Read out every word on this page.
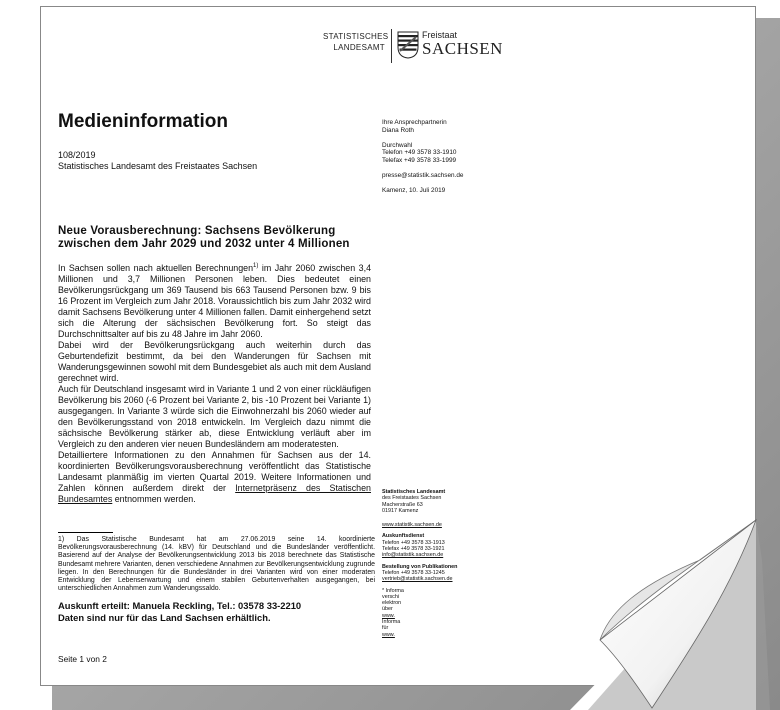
STATISTISCHES
LANDESAMT
Freistaat
SACHSEN
Medieninformation
108/2019
Statistisches Landesamt des Freistaates Sachsen
Ihre Ansprechpartnerin
Diana Roth
Durchwahl
Telefon +49 3578 33-1910
Telefax +49 3578 33-1999
presse@statistik.sachsen.de
Kamenz, 10. Juli 2019
Neue Vorausberechnung: Sachsens Bevölkerung
zwischen dem Jahr 2029 und 2032 unter 4 Millionen

In Sachsen sollen nach aktuellen Berechnungen$^{1)}$ im Jahr 2060 zwischen 3,4 Millionen und 3,7 Millionen Personen leben. Dies bedeutet einen Bevölkerungsrückgang um 369 Tausend bis 663 Tausend Personen bzw. 9 bis 16 Prozent im Vergleich zum Jahr 2018. Voraussichtlich bis zum Jahr 2032 wird damit Sachsens Bevölkerung unter 4 Millionen fallen. Damit einhergehend setzt sich die Alterung der sächsischen Bevölkerung fort. So steigt das Durchschnittsalter auf bis zu 48 Jahre im Jahr 2060.

Dabei wird der Bevölkerungsrückgang auch weiterhin durch das Geburtendefizit bestimmt, da bei den Wanderungen für Sachsen mit Wanderungsgewinnen sowohl mit dem Bundesgebiet als auch mit dem Ausland gerechnet wird.

Auch für Deutschland insgesamt wird in Variante 1 und 2 von einer rückläufigen Bevölkerung bis 2060 (-6 Prozent bei Variante 2, bis -10 Prozent bei Variante 1) ausgegangen. In Variante 3 würde sich die Einwohnerzahl bis 2060 wieder auf den Bevölkerungsstand von 2018 entwickeln. Im Vergleich dazu nimmt die sächsische Bevölkerung stärker ab, diese Entwicklung verläuft aber im Vergleich zu den anderen vier neuen Bundesländern am moderatesten.

Detailliertere Informationen zu den Annahmen für Sachsen aus der 14. koordinierten Bevölkerungsvorausberechnung veröffentlicht das Statistische Landesamt planmäßig im vierten Quartal 2019. Weitere Informationen und Zahlen können außerdem direkt der Internetpräsenz des Statischen Bundesamtes entnommen werden.

1) Das Statistische Bundesamt hat am 27.06.2019 seine 14. koordinierte Bevölkerungsvorausberechnung (14. kBV) für Deutschland und die Bundesländer veröffentlicht. Basierend auf der Analyse der Bevölkerungsentwicklung 2013 bis 2018 berechnete das Statistische Bundesamt mehrere Varianten, denen verschiedene Annahmen zur Bevölkerungsentwicklung zugrunde liegen. In den Berechnungen für die Bundesländer in drei Varianten wird von einer moderaten Entwicklung der Lebenserwartung und einem stabilen Geburtenverhalten ausgegangen, bei unterschiedlichen Annahmen zum Wanderungssaldo.
Auskunft erteilt: Manuela Reckling, Tel.: 03578 33-2210
Daten sind nur für das Land Sachsen erhältlich.
Seite 1 von 2
Statistisches Landesamt
des Freistaates Sachsen
Macherstraße 63
01917 Kamenz
www.statistik.sachsen.de
Auskunftsdienst
Telefon +49 3578 33-1913
Telefax +49 3578 33-1921
info@statistik.sachsen.de
Bestellung von Publikationen
Telefon +49 3578 33-1245
vertrieb@statistik.sachsen.de
* Informa
verschi
elektron
über
www.
Informa
für
www.
